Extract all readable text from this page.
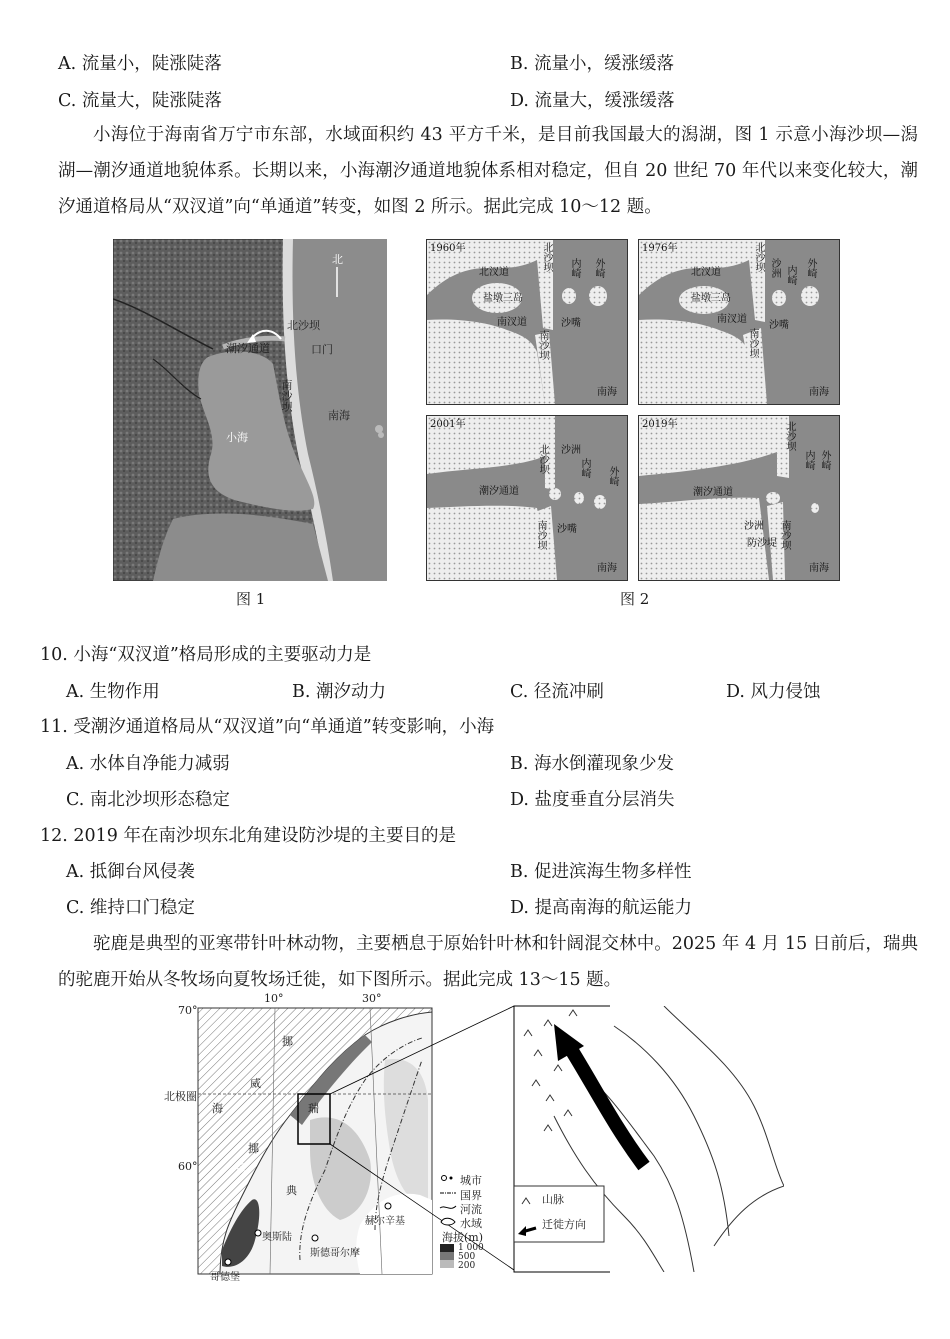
A. 流量小，陡涨陡落	B. 流量小，缓涨缓落
C. 流量大，陡涨陡落	D. 流量大，缓涨缓落
小海位于海南省万宁市东部，水域面积约 43 平方千米，是目前我国最大的潟湖，图 1 示意小海沙坝—潟湖—潮汐通道地貌体系。长期以来，小海潮汐通道地貌体系相对稳定，但自 20 世纪 70 年代以来变化较大，潮汐通道格局从“双汊道”向“单通道”转变，如图 2 所示。据此完成 10～12 题。
北
北沙坝
潮汐通道	口门
南沙坝
南海
小海
图 1
1960年
北汊道
盐墩三岛
南汊道
北沙坝 内崎 外崎
沙嘴
南沙坝
南海
1976年
北汊道
盐墩三岛
南汊道
北沙坝 沙洲 内崎 外崎
沙嘴
南沙坝
南海
2001年
潮汐通道
北沙坝 沙洲
内崎 外崎
沙嘴
南沙坝
南海
2019年
潮汐通道
北沙坝
内崎 外崎
沙洲
防沙堤 南沙坝
南海
图 2
10. 小海“双汊道”格局形成的主要驱动力是
A. 生物作用	B. 潮汐动力	C. 径流冲刷	D. 风力侵蚀
11. 受潮汐通道格局从“双汊道”向“单通道”转变影响，小海
A. 水体自净能力减弱	B. 海水倒灌现象少发
C. 南北沙坝形态稳定	D. 盐度垂直分层消失
12. 2019 年在南沙坝东北角建设防沙堤的主要目的是
A. 抵御台风侵袭	B. 促进滨海生物多样性
C. 维持口门稳定	D. 提高南海的航运能力
驼鹿是典型的亚寒带针叶林动物，主要栖息于原始针叶林和针阔混交林中。2025 年 4 月 15 日前后，瑞典的驼鹿开始从冬牧场向夏牧场迁徙，如下图所示。据此完成 13～15 题。
70°
10°	30°
北极圈
60°
挪
威
海
挪
威
瑞
典
奥斯陆
斯德哥尔摩
赫尔辛基
哥德堡
城市
国界
河流
水域
海拔(m)
1 000
500
200
山脉
迁徙方向
